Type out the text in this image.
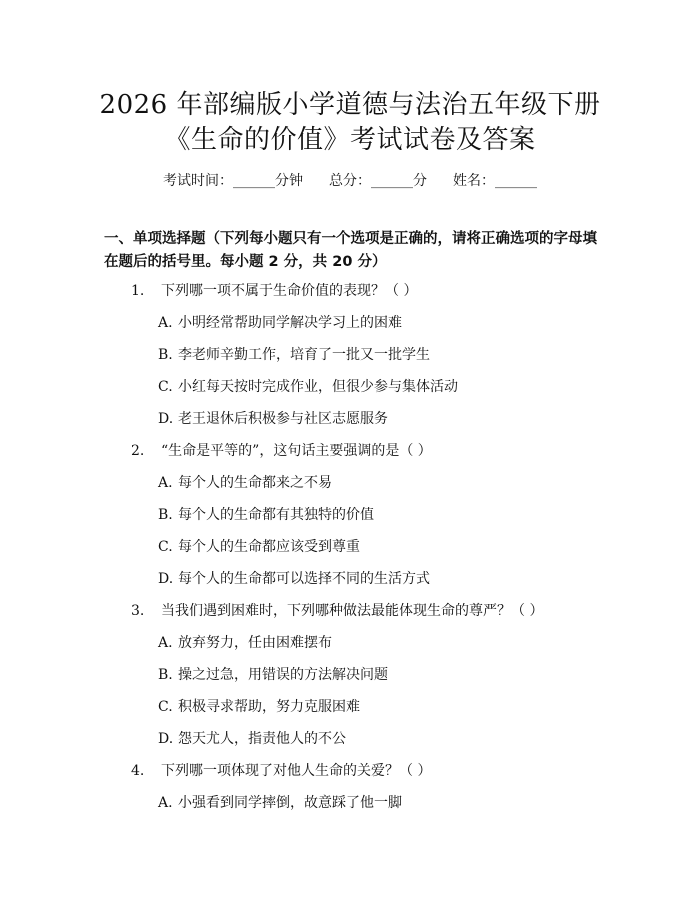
2026 年部编版小学道德与法治五年级下册
《生命的价值》考试试卷及答案
考试时间：______分钟 总分：______分 姓名：______
一、单项选择题（下列每小题只有一个选项是正确的，请将正确选项的字母填在题后的括号里。每小题 2 分，共 20 分）
1. 下列哪一项不属于生命价值的表现？（ ）
A. 小明经常帮助同学解决学习上的困难
B. 李老师辛勤工作，培育了一批又一批学生
C. 小红每天按时完成作业，但很少参与集体活动
D. 老王退休后积极参与社区志愿服务
2. “生命是平等的”，这句话主要强调的是（ ）
A. 每个人的生命都来之不易
B. 每个人的生命都有其独特的价值
C. 每个人的生命都应该受到尊重
D. 每个人的生命都可以选择不同的生活方式
3. 当我们遇到困难时，下列哪种做法最能体现生命的尊严？（ ）
A. 放弃努力，任由困难摆布
B. 操之过急，用错误的方法解决问题
C. 积极寻求帮助，努力克服困难
D. 怨天尤人，指责他人的不公
4. 下列哪一项体现了对他人生命的关爱？（ ）
A. 小强看到同学摔倒，故意踩了他一脚
